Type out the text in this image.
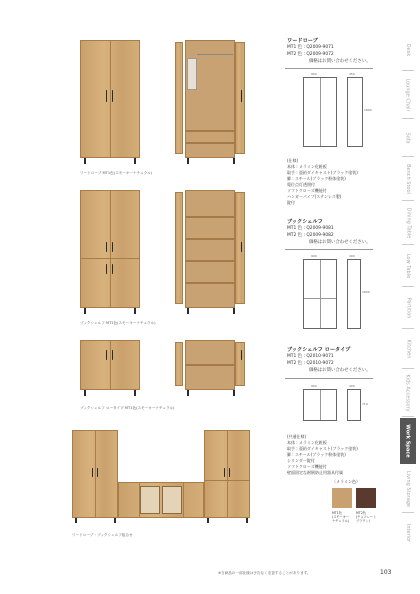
ワードローブ MT1色(スモーキーナチュラル)
ブックシェルフ MT1色(スモーキーナチュラル)
ブックシェルフ ロータイプ MT1色(スモーキーナチュラル)
ワードローブ・ブックシェルフ組合せ
ワードローブ
MT1 色 : Q2009-9071
MT2 色 : Q2009-9072
価格はお問い合わせください。
900	450
1800
(仕様)
本体 : メラミン化粧板
取手 : 亜鉛ダイキャスト(ブラック塗装)
脚 : スチール(ブラック粉体塗装)
電位点灯透照付
ソフトクローズ機能付
ハンガーパイプ(ステンレス製)
錠付
ブックシェルフ
MT1 色 : Q2009-9081
MT2 色 : Q2009-9082
価格はお問い合わせください。
900	400
1800
ブックシェルフ ロータイプ
MT1 色 : Q2010-9071
MT2 色 : Q2010-9072
価格はお問い合わせください。
900	400
710
(共通仕様)
本体 : メラミン化粧板
取手 : 亜鉛ダイキャスト(ブラック塗装)
脚 : スチール(ブラック粉体塗装)
シリンダー錠付
ソフトクローズ機能付
壁面固定な耐倒防止用器具付属
〈メラミン色〉
MT1色
(スモーキー
ナチュラル)
MT2色
(チョコレート
ブラウン)
※当商品の一部仕様は予告なく変更することがあります。	103
Desk
Lounge Chair
Sofa
Bench Stool
Dining Table
Low Table
Partition
Kitchen
Kids Accessory
Work Space
Living Storage
Interior
